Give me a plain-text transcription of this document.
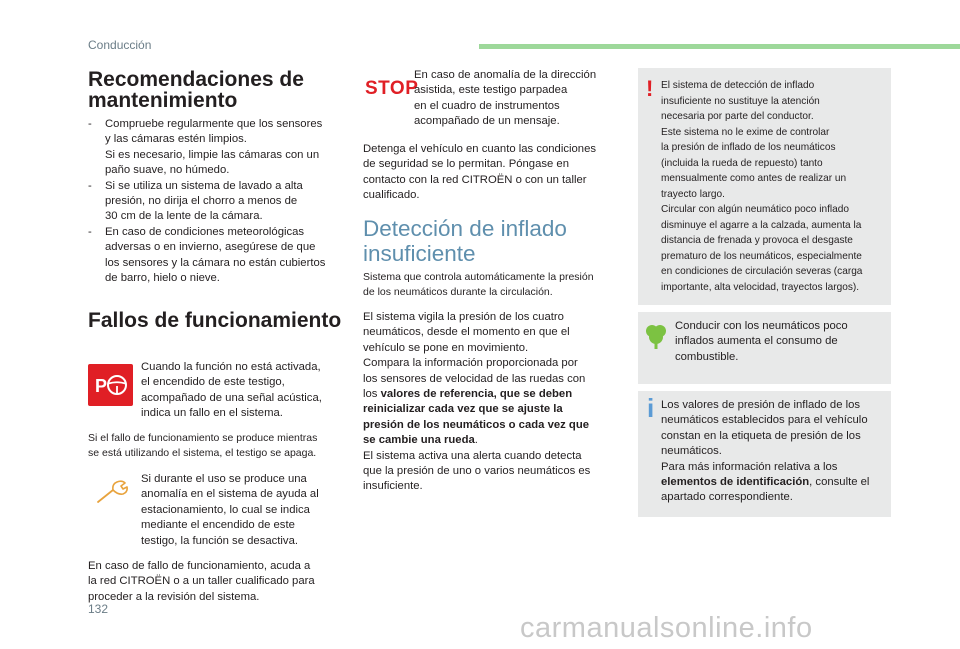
Conducción
Recomendaciones de
mantenimiento
- Compruebe regularmente que los sensores
y las cámaras estén limpios.
Si es necesario, limpie las cámaras con un
paño suave, no húmedo.
- Si se utiliza un sistema de lavado a alta
presión, no dirija el chorro a menos de
30 cm de la lente de la cámara.
- En caso de condiciones meteorológicas
adversas o en invierno, asegúrese de que
los sensores y la cámara no están cubiertos
de barro, hielo o nieve.
Fallos de funcionamiento
P
Cuando la función no está activada,
el encendido de este testigo,
acompañado de una señal acústica,
indica un fallo en el sistema.
Si el fallo de funcionamiento se produce mientras
se está utilizando el sistema, el testigo se apaga.
Si durante el uso se produce una
anomalía en el sistema de ayuda al
estacionamiento, lo cual se indica
mediante el encendido de este
testigo, la función se desactiva.
En caso de fallo de funcionamiento, acuda a
la red CITROËN o a un taller cualificado para
proceder a la revisión del sistema.
STOP
En caso de anomalía de la dirección
asistida, este testigo parpadea
en el cuadro de instrumentos
acompañado de un mensaje.
Detenga el vehículo en cuanto las condiciones
de seguridad se lo permitan. Póngase en
contacto con la red CITROËN o con un taller
cualificado.
Detección de inflado
insuficiente
Sistema que controla automáticamente la presión
de los neumáticos durante la circulación.
El sistema vigila la presión de los cuatro
neumáticos, desde el momento en que el
vehículo se pone en movimiento.
Compara la información proporcionada por
los sensores de velocidad de las ruedas con
los valores de referencia, que se deben
reinicializar cada vez que se ajuste la
presión de los neumáticos o cada vez que
se cambie una rueda.
El sistema activa una alerta cuando detecta
que la presión de uno o varios neumáticos es
insuficiente.
! El sistema de detección de inflado
insuficiente no sustituye la atención
necesaria por parte del conductor.
Este sistema no le exime de controlar
la presión de inflado de los neumáticos
(incluida la rueda de repuesto) tanto
mensualmente como antes de realizar un
trayecto largo.
Circular con algún neumático poco inflado
disminuye el agarre a la calzada, aumenta la
distancia de frenada y provoca el desgaste
prematuro de los neumáticos, especialmente
en condiciones de circulación severas (carga
importante, alta velocidad, trayectos largos).
Conducir con los neumáticos poco
inflados aumenta el consumo de
combustible.
i Los valores de presión de inflado de los
neumáticos establecidos para el vehículo
constan en la etiqueta de presión de los
neumáticos.
Para más información relativa a los
elementos de identificación, consulte el
apartado correspondiente.
132
carmanualsonline.info
